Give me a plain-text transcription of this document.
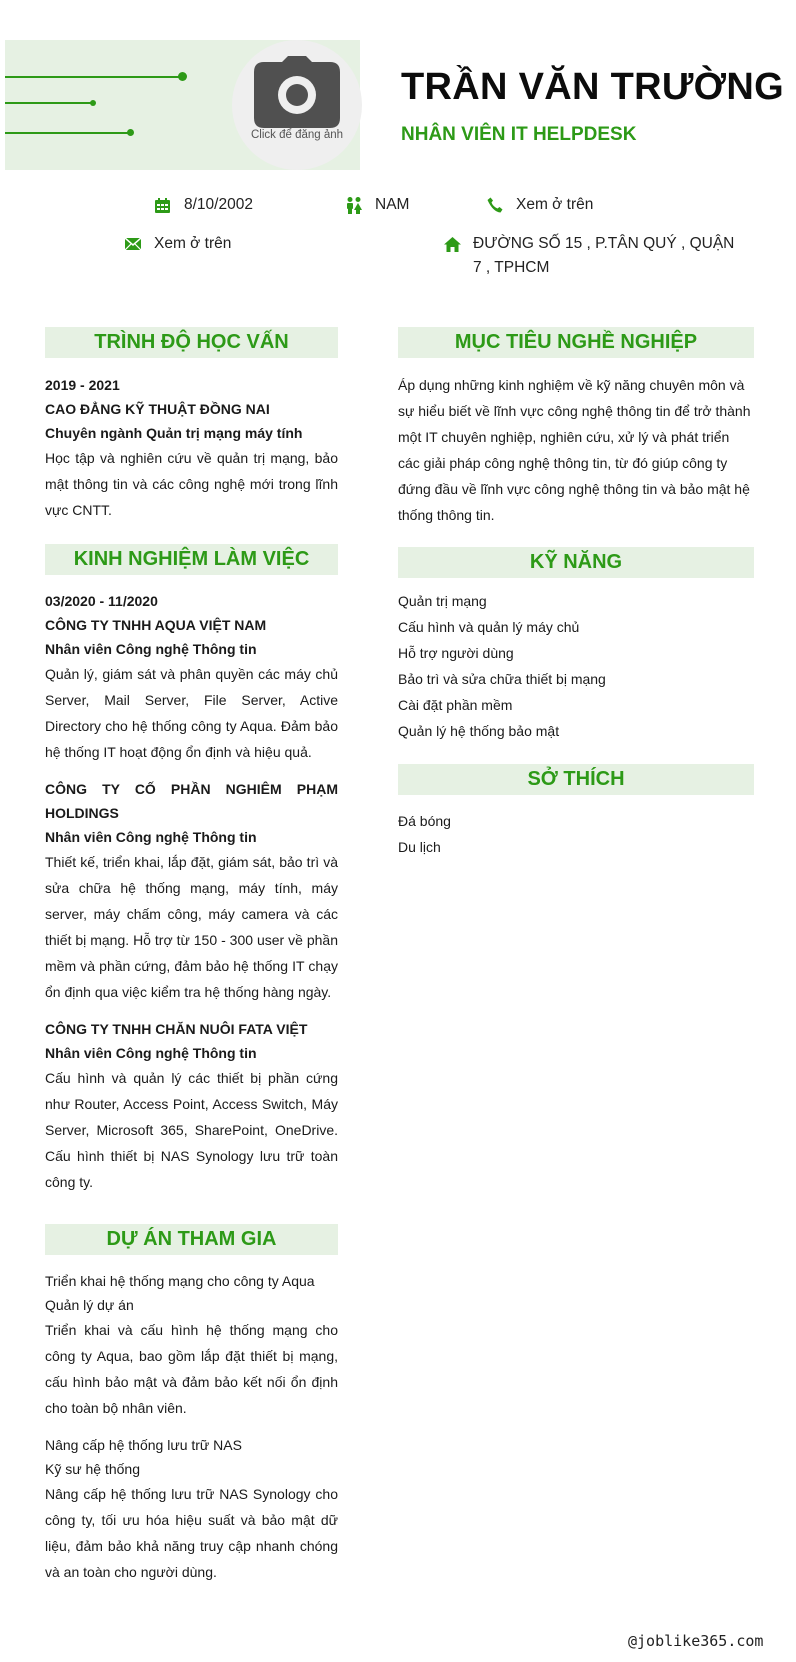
Click để đăng ảnh
TRẦN VĂN TRƯỜNG
NHÂN VIÊN IT HELPDESK
8/10/2002	NAM	Xem ở trên
Xem ở trên	ĐƯỜNG SỐ 15 , P.TÂN QUÝ , QUẬN 7 , TPHCM
TRÌNH ĐỘ HỌC VẤN
2019 - 2021
CAO ĐẲNG KỸ THUẬT ĐỒNG NAI
Chuyên ngành Quản trị mạng máy tính
Học tập và nghiên cứu về quản trị mạng, bảo mật thông tin và các công nghệ mới trong lĩnh vực CNTT.
KINH NGHIỆM LÀM VIỆC
03/2020 - 11/2020
CÔNG TY TNHH AQUA VIỆT NAM
Nhân viên Công nghệ Thông tin
Quản lý, giám sát và phân quyền các máy chủ Server, Mail Server, File Server, Active Directory cho hệ thống công ty Aqua. Đảm bảo hệ thống IT hoạt động ổn định và hiệu quả.
CÔNG TY CỐ PHẦN NGHIÊM PHẠM HOLDINGS
Nhân viên Công nghệ Thông tin
Thiết kế, triển khai, lắp đặt, giám sát, bảo trì và sửa chữa hệ thống mạng, máy tính, máy server, máy chấm công, máy camera và các thiết bị mạng. Hỗ trợ từ 150 - 300 user về phần mềm và phần cứng, đảm bảo hệ thống IT chạy ổn định qua việc kiểm tra hệ thống hàng ngày.
CÔNG TY TNHH CHĂN NUÔI FATA VIỆT
Nhân viên Công nghệ Thông tin
Cấu hình và quản lý các thiết bị phần cứng như Router, Access Point, Access Switch, Máy Server, Microsoft 365, SharePoint, OneDrive. Cấu hình thiết bị NAS Synology lưu trữ toàn công ty.
DỰ ÁN THAM GIA
Triển khai hệ thống mạng cho công ty Aqua
Quản lý dự án
Triển khai và cấu hình hệ thống mạng cho công ty Aqua, bao gồm lắp đặt thiết bị mạng, cấu hình bảo mật và đảm bảo kết nối ổn định cho toàn bộ nhân viên.
Nâng cấp hệ thống lưu trữ NAS
Kỹ sư hệ thống
Nâng cấp hệ thống lưu trữ NAS Synology cho công ty, tối ưu hóa hiệu suất và bảo mật dữ liệu, đảm bảo khả năng truy cập nhanh chóng và an toàn cho người dùng.
MỤC TIÊU NGHỀ NGHIỆP
Áp dụng những kinh nghiệm về kỹ năng chuyên môn và sự hiểu biết về lĩnh vực công nghệ thông tin để trở thành một IT chuyên nghiệp, nghiên cứu, xử lý và phát triển các giải pháp công nghệ thông tin, từ đó giúp công ty đứng đầu về lĩnh vực công nghệ thông tin và bảo mật hệ thống thông tin.
KỸ NĂNG
Quản trị mạng
Cấu hình và quản lý máy chủ
Hỗ trợ người dùng
Bảo trì và sửa chữa thiết bị mạng
Cài đặt phần mềm
Quản lý hệ thống bảo mật
SỞ THÍCH
Đá bóng
Du lịch
@joblike365.com
